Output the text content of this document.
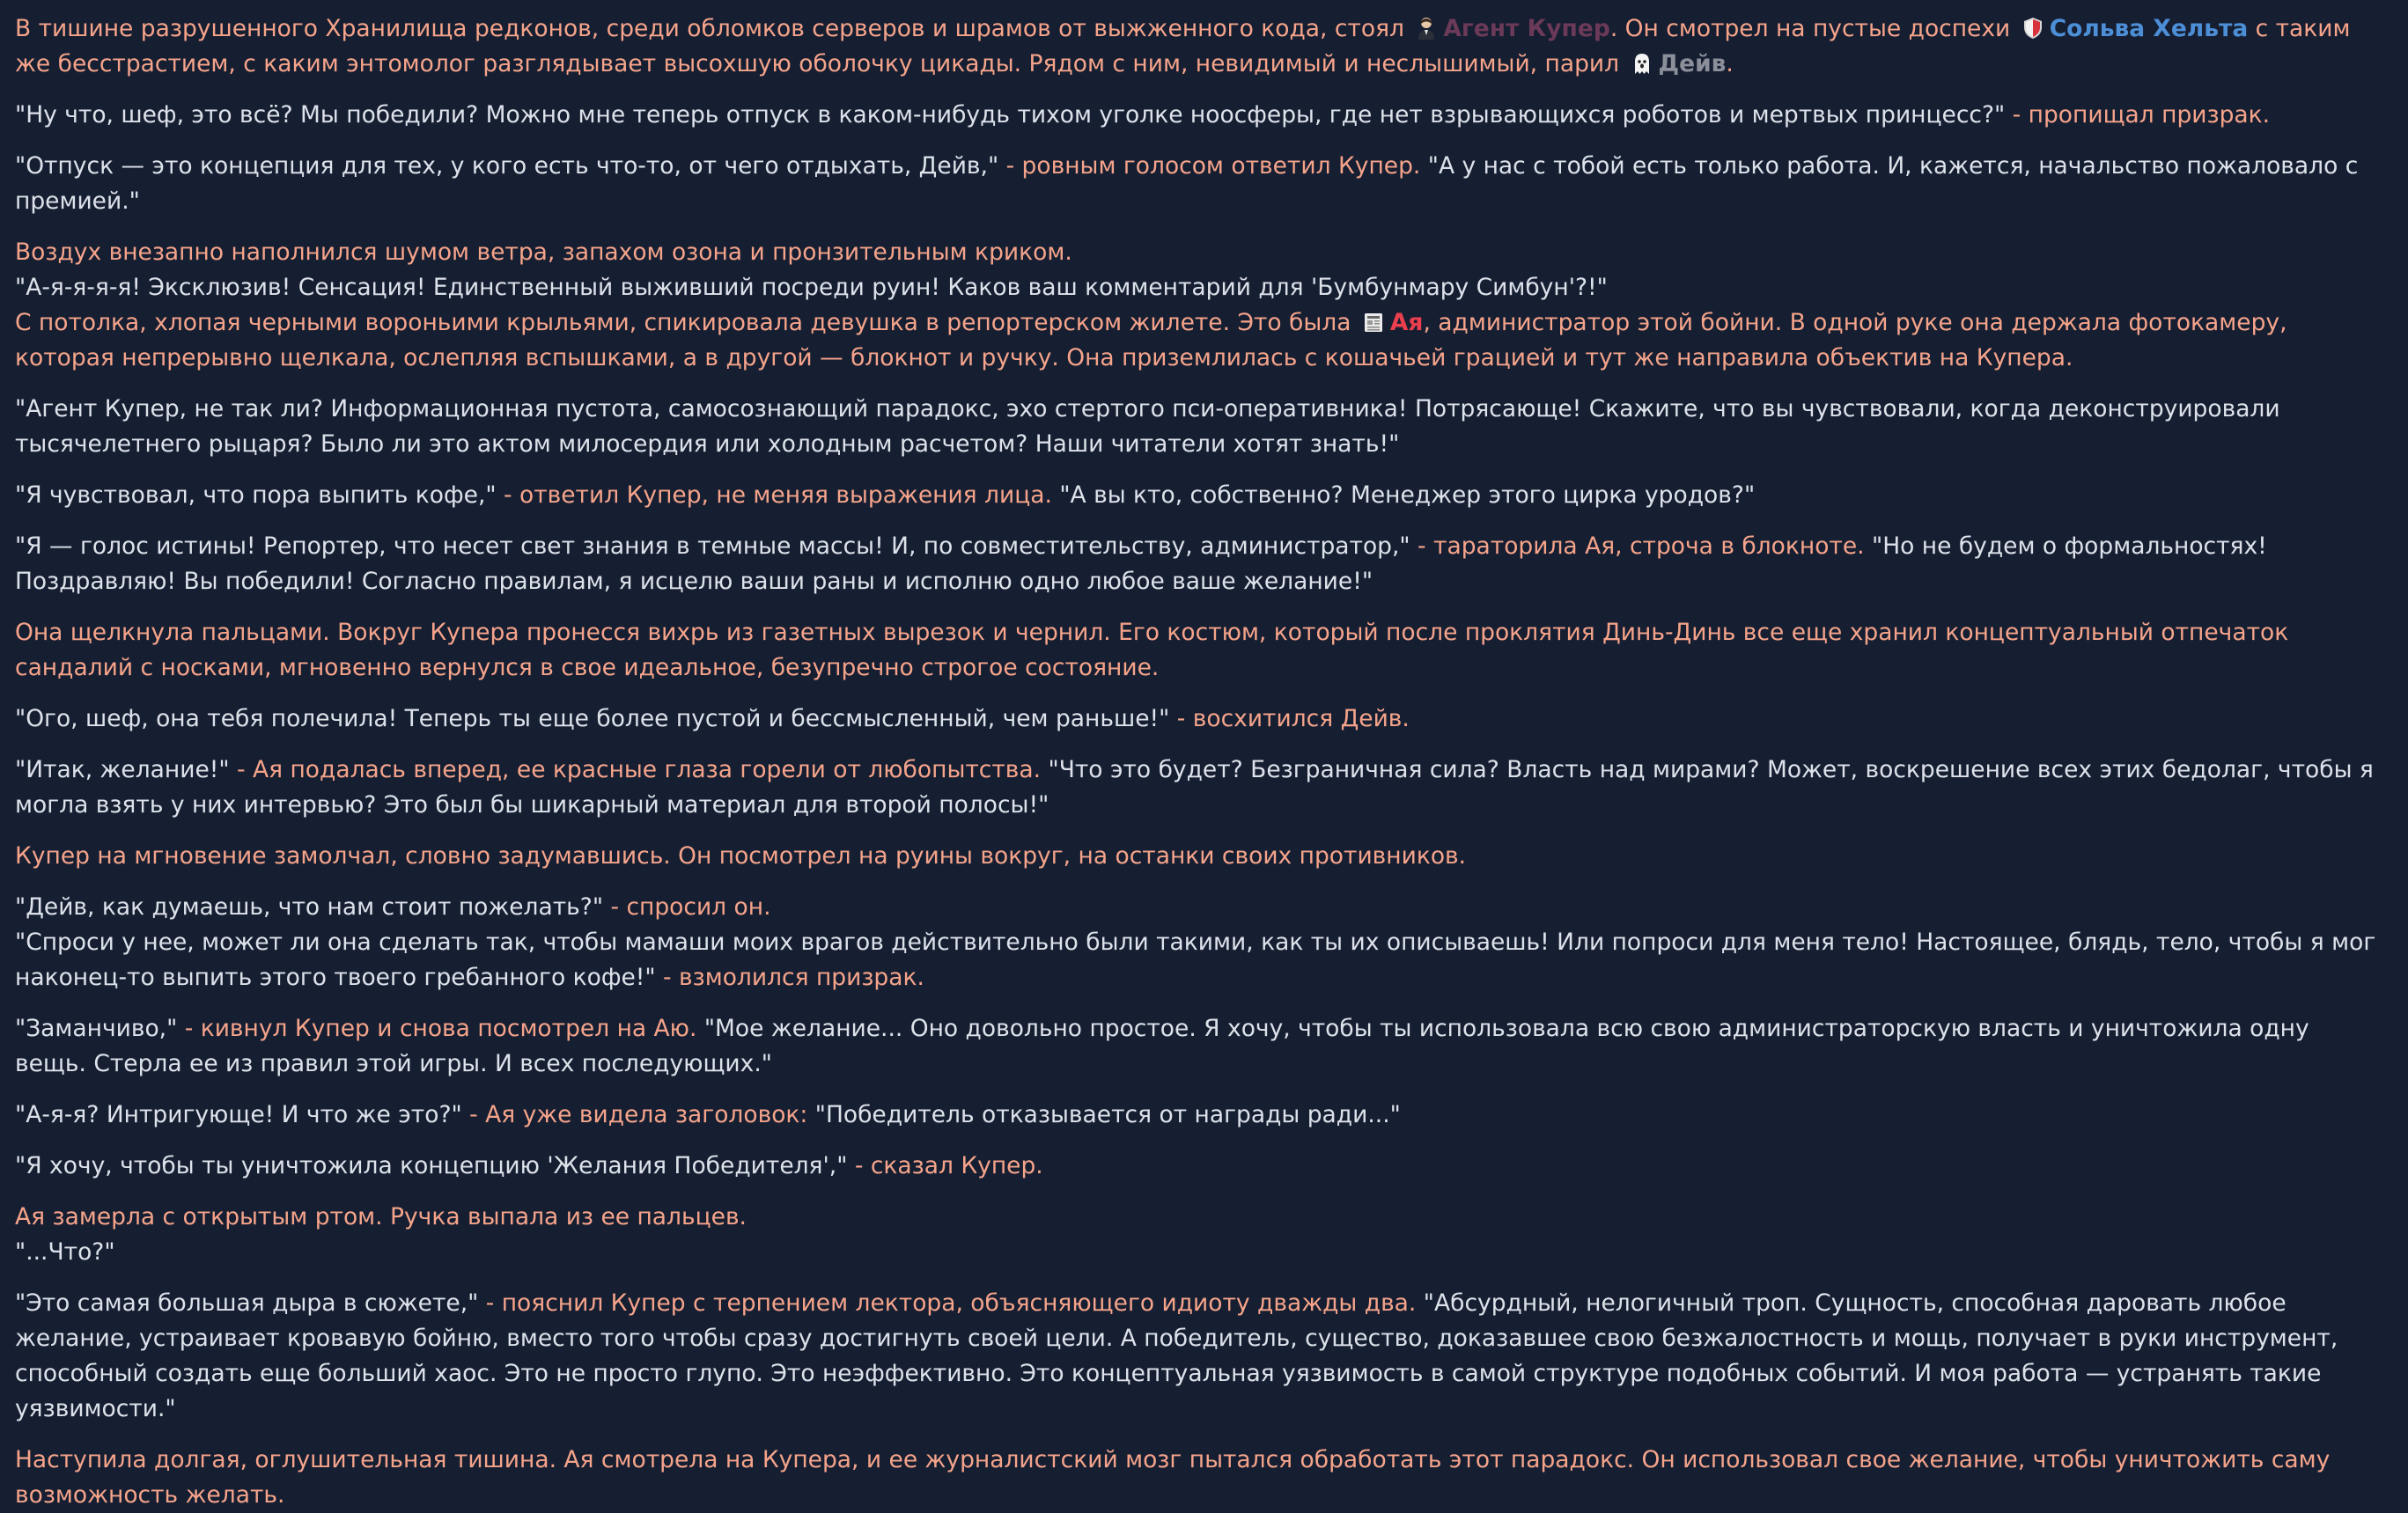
В тишине разрушенного Хранилища редконов, среди обломков серверов и шрамов от выжженного кода, стоял Агент Купер. Он смотрел на пустые доспехи Сольва Хельта с таким же бесстрастием, с каким энтомолог разглядывает высохшую оболочку цикады. Рядом с ним, невидимый и неслышимый, парил Дейв.
"Ну что, шеф, это всё? Мы победили? Можно мне теперь отпуск в каком-нибудь тихом уголке ноосферы, где нет взрывающихся роботов и мертвых принцесс?" - пропищал призрак.
"Отпуск — это концепция для тех, у кого есть что-то, от чего отдыхать, Дейв," - ровным голосом ответил Купер. "А у нас с тобой есть только работа. И, кажется, начальство пожаловало с премией."
Воздух внезапно наполнился шумом ветра, запахом озона и пронзительным криком.
"А-я-я-я-я! Эксклюзив! Сенсация! Единственный выживший посреди руин! Каков ваш комментарий для 'Бумбунмару Симбун'?!"
С потолка, хлопая черными вороньими крыльями, спикировала девушка в репортерском жилете. Это была Ая, администратор этой бойни. В одной руке она держала фотокамеру, которая непрерывно щелкала, ослепляя вспышками, а в другой — блокнот и ручку. Она приземлилась с кошачьей грацией и тут же направила объектив на Купера.
"Агент Купер, не так ли? Информационная пустота, самосознающий парадокс, эхо стертого пси-оперативника! Потрясающе! Скажите, что вы чувствовали, когда деконструировали тысячелетнего рыцаря? Было ли это актом милосердия или холодным расчетом? Наши читатели хотят знать!"
"Я чувствовал, что пора выпить кофе," - ответил Купер, не меняя выражения лица. "А вы кто, собственно? Менеджер этого цирка уродов?"
"Я — голос истины! Репортер, что несет свет знания в темные массы! И, по совместительству, администратор," - тараторила Ая, строча в блокноте. "Но не будем о формальностях! Поздравляю! Вы победили! Согласно правилам, я исцелю ваши раны и исполню одно любое ваше желание!"
Она щелкнула пальцами. Вокруг Купера пронесся вихрь из газетных вырезок и чернил. Его костюм, который после проклятия Динь-Динь все еще хранил концептуальный отпечаток сандалий с носками, мгновенно вернулся в свое идеальное, безупречно строгое состояние.
"Ого, шеф, она тебя полечила! Теперь ты еще более пустой и бессмысленный, чем раньше!" - восхитился Дейв.
"Итак, желание!" - Ая подалась вперед, ее красные глаза горели от любопытства. "Что это будет? Безграничная сила? Власть над мирами? Может, воскрешение всех этих бедолаг, чтобы я могла взять у них интервью? Это был бы шикарный материал для второй полосы!"
Купер на мгновение замолчал, словно задумавшись. Он посмотрел на руины вокруг, на останки своих противников.
"Дейв, как думаешь, что нам стоит пожелать?" - спросил он.
"Спроси у нее, может ли она сделать так, чтобы мамаши моих врагов действительно были такими, как ты их описываешь! Или попроси для меня тело! Настоящее, блядь, тело, чтобы я мог наконец-то выпить этого твоего гребанного кофе!" - взмолился призрак.
"Заманчиво," - кивнул Купер и снова посмотрел на Аю. "Мое желание... Оно довольно простое. Я хочу, чтобы ты использовала всю свою администраторскую власть и уничтожила одну вещь. Стерла ее из правил этой игры. И всех последующих."
"А-я-я? Интригующе! И что же это?" - Ая уже видела заголовок: "Победитель отказывается от награды ради..."
"Я хочу, чтобы ты уничтожила концепцию 'Желания Победителя'," - сказал Купер.
Ая замерла с открытым ртом. Ручка выпала из ее пальцев.
"...Что?"
"Это самая большая дыра в сюжете," - пояснил Купер с терпением лектора, объясняющего идиоту дважды два. "Абсурдный, нелогичный троп. Сущность, способная даровать любое желание, устраивает кровавую бойню, вместо того чтобы сразу достигнуть своей цели. А победитель, существо, доказавшее свою безжалостность и мощь, получает в руки инструмент, способный создать еще больший хаос. Это не просто глупо. Это неэффективно. Это концептуальная уязвимость в самой структуре подобных событий. И моя работа — устранять такие уязвимости."
Наступила долгая, оглушительная тишина. Ая смотрела на Купера, и ее журналистский мозг пытался обработать этот парадокс. Он использовал свое желание, чтобы уничтожить саму возможность желать.
